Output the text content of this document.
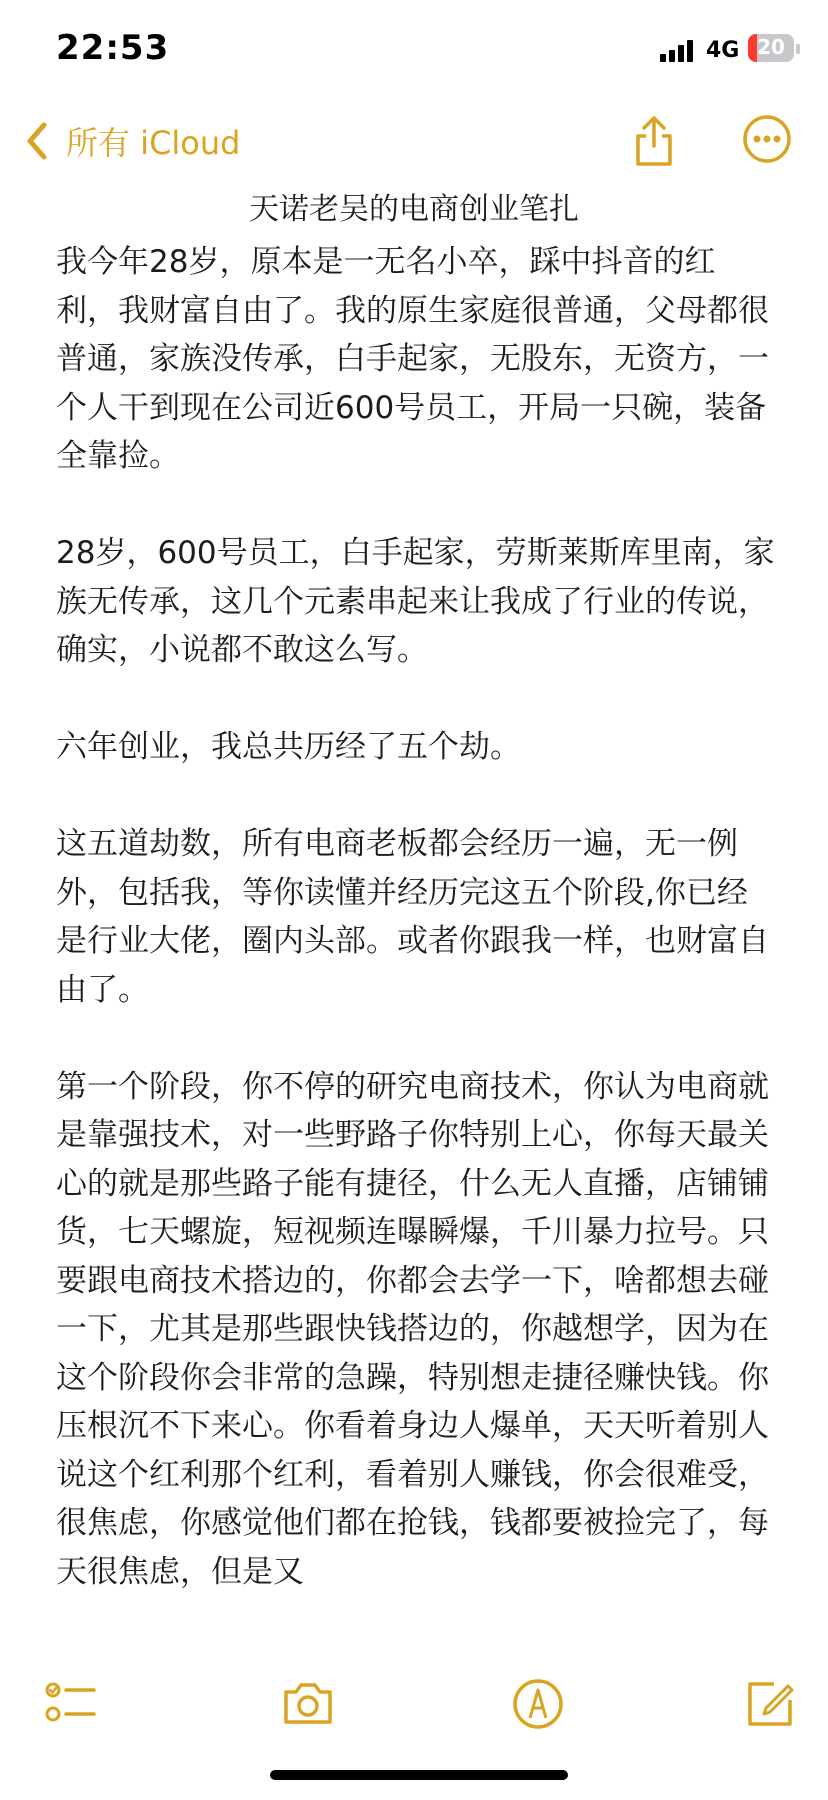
22:53	4G 20
所有 iCloud
天诺老吴的电商创业笔扎

我今年28岁，原本是一无名小卒，踩中抖音的红利，我财富自由了。我的原生家庭很普通，父母都很普通，家族没传承，白手起家，无股东，无资方，一个人干到现在公司近600号员工，开局一只碗，装备全靠捡。

28岁，600号员工，白手起家，劳斯莱斯库里南，家族无传承，这几个元素串起来让我成了行业的传说，确实，小说都不敢这么写。

六年创业，我总共历经了五个劫。

这五道劫数，所有电商老板都会经历一遍，无一例外，包括我，等你读懂并经历完这五个阶段,你已经是行业大佬，圈内头部。或者你跟我一样，也财富自由了。

第一个阶段，你不停的研究电商技术，你认为电商就是靠强技术，对一些野路子你特别上心，你每天最关心的就是那些路子能有捷径，什么无人直播，店铺铺货，七天螺旋，短视频连曝瞬爆，千川暴力拉号。只要跟电商技术搭边的，你都会去学一下，啥都想去碰一下，尤其是那些跟快钱搭边的，你越想学，因为在这个阶段你会非常的急躁，特别想走捷径赚快钱。你压根沉不下来心。你看着身边人爆单，天天听着别人说这个红利那个红利，看着别人赚钱，你会很难受，很焦虑，你感觉他们都在抢钱，钱都要被捡完了，每天很焦虑，但是又
